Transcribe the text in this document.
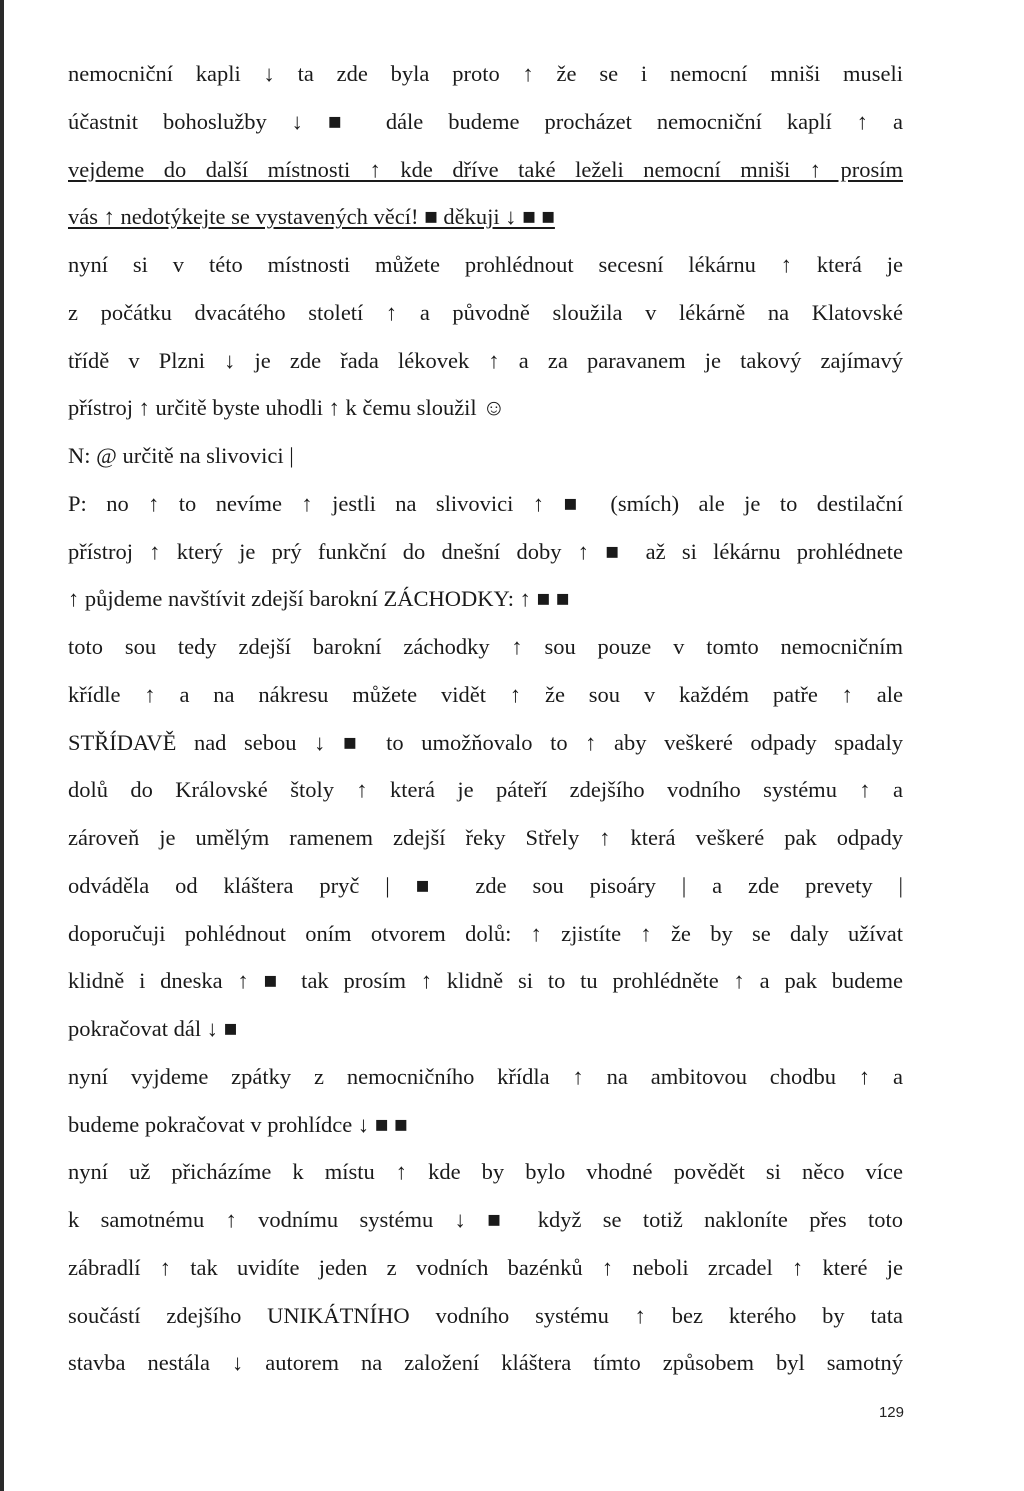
nemocniční kapli ↓ ta zde byla proto ↑ že se i nemocní mniši museli
účastnit bohoslužby ↓ ■ dále budeme procházet nemocniční kaplí ↑ a
vejdeme do další místnosti ↑ kde dříve také leželi nemocní mniši ↑ prosím
vás ↑ nedotýkejte se vystavených věcí! ■ děkuji ↓ ■ ■
nyní si v této místnosti můžete prohlédnout secesní lékárnu ↑ která je
z počátku dvacátého století ↑ a původně sloužila v lékárně na Klatovské
třídě v Plzni ↓ je zde řada lékovek ↑ a za paravanem je takový zajímavý
přístroj ↑ určitě byste uhodli ↑ k čemu sloužil ☺
N: @ určitě na slivovici |
P: no ↑ to nevíme ↑ jestli na slivovici ↑ ■ (smích) ale je to destilační
přístroj ↑ který je prý funkční do dnešní doby ↑ ■ až si lékárnu prohlédnete
↑ půjdeme navštívit zdejší barokní ZÁCHODKY: ↑ ■ ■
toto sou tedy zdejší barokní záchodky ↑ sou pouze v tomto nemocničním
křídle ↑ a na nákresu můžete vidět ↑ že sou v každém patře ↑ ale
STŘÍDAVĚ nad sebou ↓ ■ to umožňovalo to ↑ aby veškeré odpady spadaly
dolů do Královské štoly ↑ která je páteří zdejšího vodního systému ↑ a
zároveň je umělým ramenem zdejší řeky Střely ↑ která veškeré pak odpady
odváděla od kláštera pryč | ■ zde sou pisoáry | a zde prevety |
doporučuji pohlédnout oním otvorem dolů: ↑ zjistíte ↑ že by se daly užívat
klidně i dneska ↑ ■ tak prosím ↑ klidně si to tu prohlédněte ↑ a pak budeme
pokračovat dál ↓ ■
nyní vyjdeme zpátky z nemocničního křídla ↑ na ambitovou chodbu ↑ a
budeme pokračovat v prohlídce ↓ ■ ■
nyní už přicházíme k místu ↑ kde by bylo vhodné povědět si něco více
k samotnému ↑ vodnímu systému ↓ ■ když se totiž nakloníte přes toto
zábradlí ↑ tak uvidíte jeden z vodních bazénků ↑ neboli zrcadel ↑ které je
součástí zdejšího UNIKÁTNÍHO vodního systému ↑ bez kterého by tata
stavba nestála ↓ autorem na založení kláštera tímto způsobem byl samotný
129
